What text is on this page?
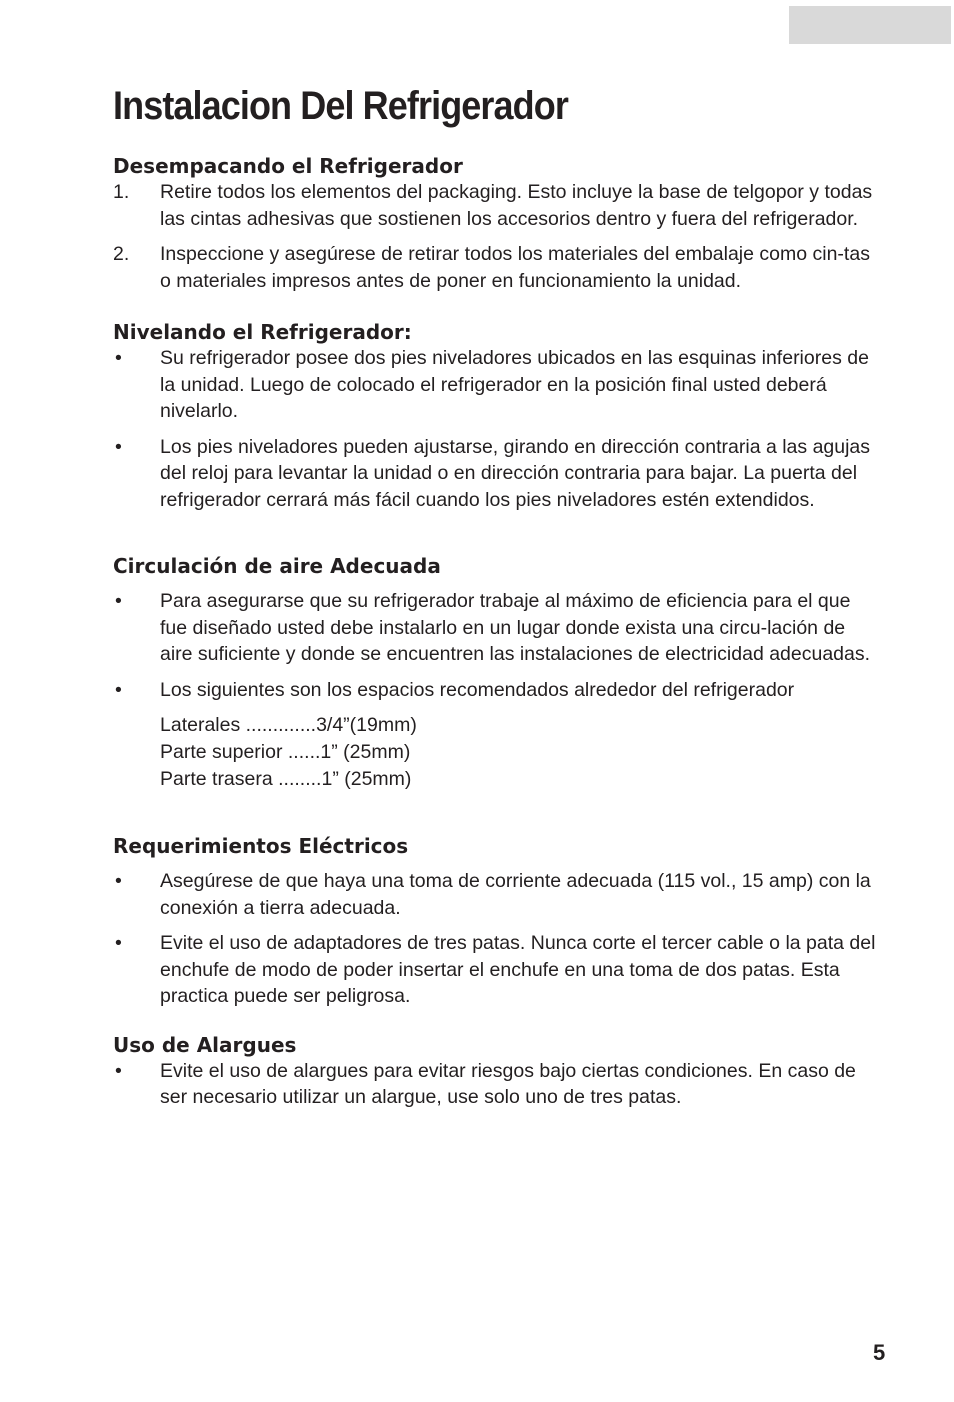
Instalacion Del Refrigerador
Desempacando el Refrigerador
1. Retire todos los elementos del packaging. Esto incluye la base de telgopor y todas las cintas adhesivas que sostienen los accesorios dentro y fuera del refrigerador.
2. Inspeccione y asegúrese de retirar todos los materiales del embalaje como cin-tas o materiales impresos antes de poner en funcionamiento la unidad.
Nivelando el Refrigerador:
• Su refrigerador posee dos pies niveladores ubicados en las esquinas inferiores de la unidad. Luego de colocado el refrigerador en la posición final usted deberá nivelarlo.
• Los pies niveladores pueden ajustarse, girando en dirección contraria a las agujas del reloj para levantar la unidad o en dirección contraria para bajar. La puerta del refrigerador cerrará más fácil cuando los pies niveladores estén extendidos.
Circulación de aire Adecuada
• Para asegurarse que su refrigerador trabaje al máximo de eficiencia para el que fue diseñado usted debe instalarlo en un lugar donde exista una circu-lación de aire suficiente y donde se encuentren las instalaciones de electricidad adecuadas.
• Los siguientes son los espacios recomendados alrededor del refrigerador
Laterales .............3/4”(19mm)
Parte superior ......1” (25mm)
Parte trasera ........1” (25mm)
Requerimientos Eléctricos
• Asegúrese de que haya una toma de corriente adecuada (115 vol., 15 amp) con la conexión a tierra adecuada.
• Evite el uso de adaptadores de tres patas. Nunca corte el tercer cable o la pata del enchufe de modo de poder insertar el enchufe en una toma de dos patas. Esta practica puede ser peligrosa.
Uso de Alargues
• Evite el uso de alargues para evitar riesgos bajo ciertas condiciones. En caso de ser necesario utilizar un alargue, use solo uno de tres patas.
5
